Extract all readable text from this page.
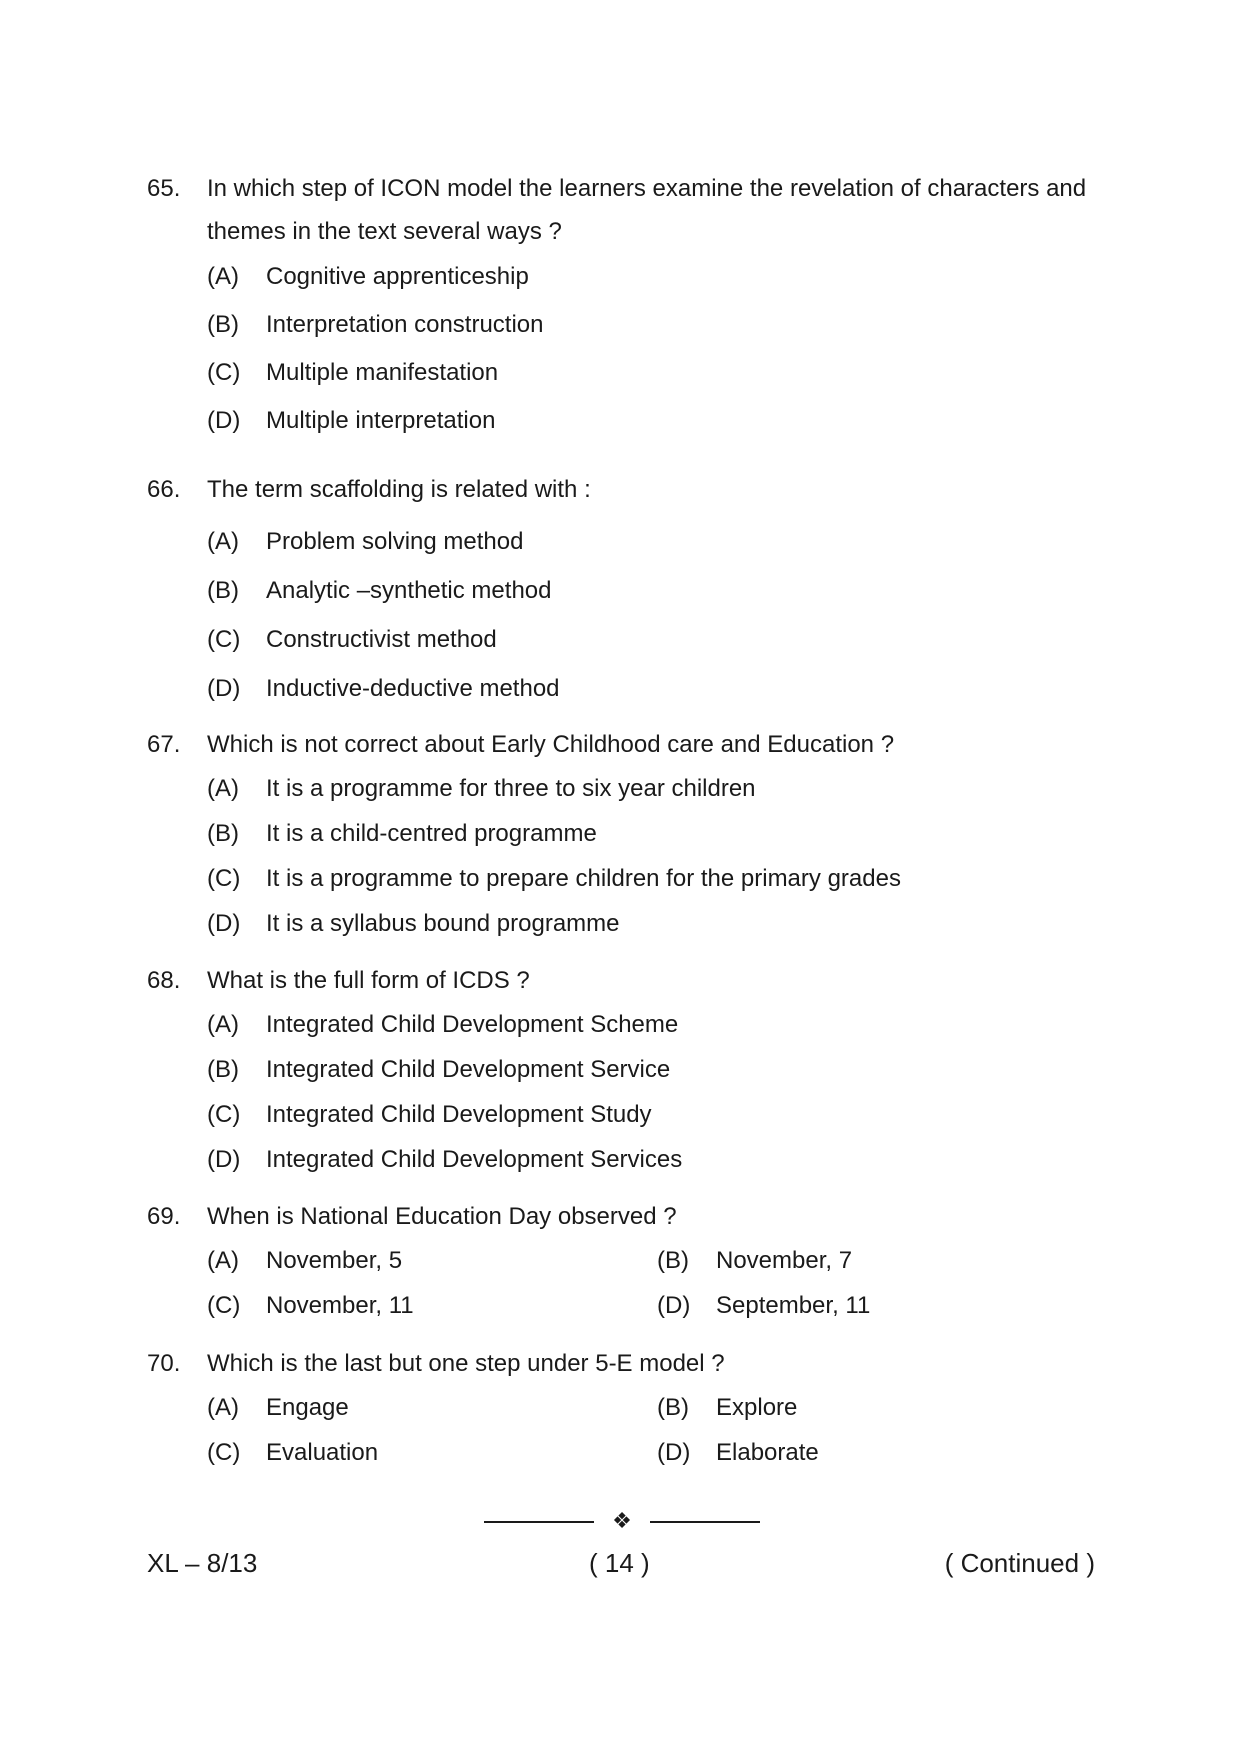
65. In which step of ICON model the learners examine the revelation of characters and
themes in the text several ways ?
(A)	Cognitive apprenticeship
(B)	Interpretation construction
(C)	Multiple manifestation
(D)	Multiple interpretation
66. The term scaffolding is related with :
(A)	Problem solving method
(B)	Analytic –synthetic method
(C)	Constructivist method
(D)	Inductive-deductive method
67. Which is not correct about Early Childhood care and Education ?
(A)	It is a programme for three to six year children
(B)	It is a child-centred programme
(C)	It is a programme to prepare children for the primary grades
(D)	It is a syllabus bound programme
68. What is the full form of ICDS ?
(A)	Integrated Child Development Scheme
(B)	Integrated Child Development Service
(C)	Integrated Child Development Study
(D)	Integrated Child Development Services
69. When is National Education Day observed ?
(A)	November, 5	(B)	November, 7
(C)	November, 11	(D)	September, 11
70. Which is the last but one step under 5-E model ?
(A)	Engage	(B)	Explore
(C)	Evaluation	(D)	Elaborate
❖
XL – 8/13	( 14 )	( Continued )
